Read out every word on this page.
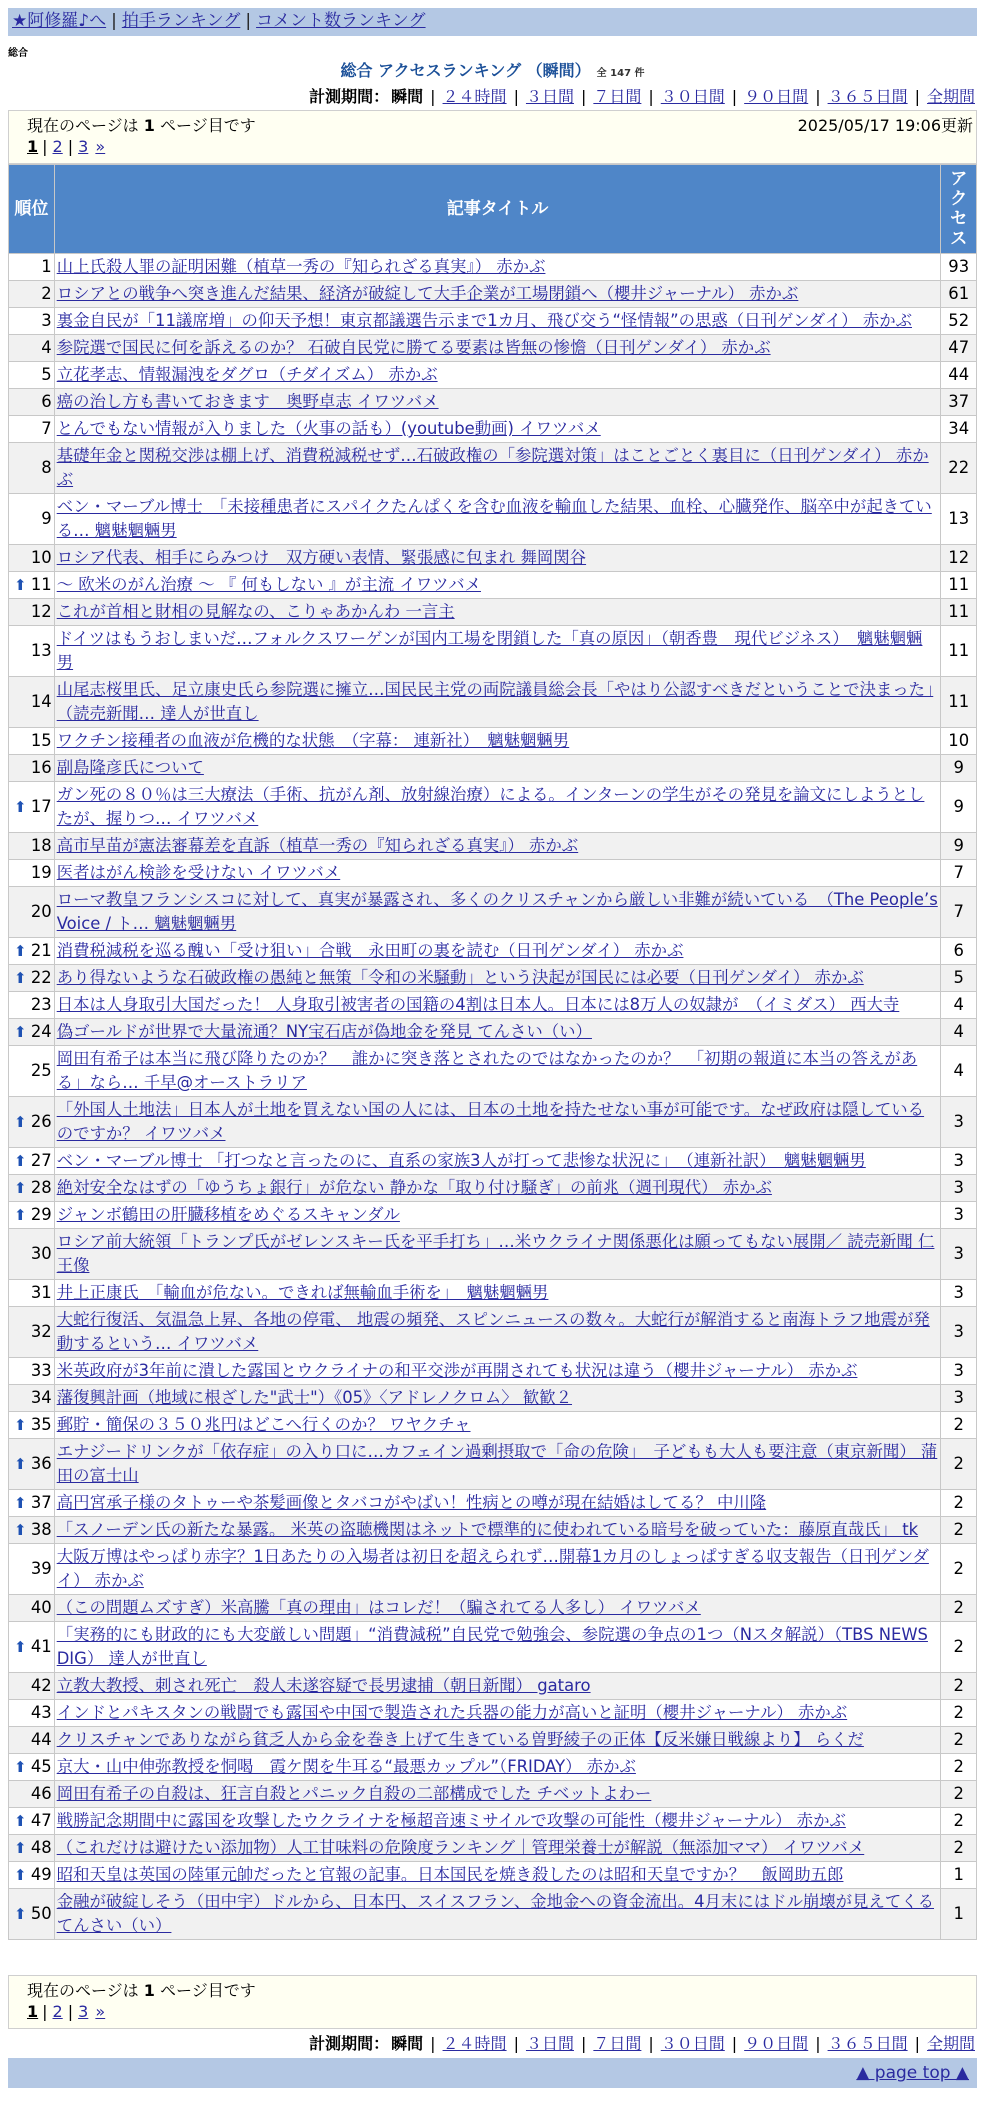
★阿修羅♪へ | 拍手ランキング | コメント数ランキング
総合
総合 アクセスランキング （瞬間） 全 147 件
計測期間： 瞬間 | ２４時間 | ３日間 | ７日間 | ３０日間 | ９０日間 | ３６５日間 | 全期間
現在のページは 1 ページ目です	2025/05/17 19:06更新
1 | 2 | 3 »
順位	記事タイトル	アクセス
1	山上氏殺人罪の証明困難（植草一秀の『知られざる真実』） 赤かぶ	93
2	ロシアとの戦争へ突き進んだ結果、経済が破綻して大手企業が工場閉鎖へ（櫻井ジャーナル） 赤かぶ	61
3	裏金自民が「11議席増」の仰天予想！東京都議選告示まで1カ月、飛び交う“怪情報”の思惑（日刊ゲンダイ） 赤かぶ	52
4	参院選で国民に何を訴えるのか？ 石破自民党に勝てる要素は皆無の惨憺（日刊ゲンダイ） 赤かぶ	47
5	立花孝志、情報漏洩をダグロ（チダイズム） 赤かぶ	44
6	癌の治し方も書いておきます　奥野卓志 イワツバメ	37
7	とんでもない情報が入りました（火事の話も）(youtube動画) イワツバメ	34
8	基礎年金と関税交渉は棚上げ、消費税減税せず…石破政権の「参院選対策」はことごとく裏目に（日刊ゲンダイ） 赤かぶ	22
9	ベン・マーブル博士　「未接種患者にスパイクたんぱくを含む血液を輸血した結果、血栓、心臓発作、脳卒中が起きている… 魑魅魍魎男	13
10	ロシア代表、相手にらみつけ　双方硬い表情、緊張感に包まれ 舞岡関谷	12

⬆ 11	〜 欧米のがん治療 〜 『 何もしない 』が主流 イワツバメ	11
12	これが首相と財相の見解なの、こりゃあかんわ 一言主	11
13	ドイツはもうおしまいだ…フォルクスワーゲンが国内工場を閉鎖した「真の原因」（朝香豊　現代ビジネス）　魑魅魍魎男	11
14	山尾志桜里氏、足立康史氏ら参院選に擁立…国民民主党の両院議員総会長「やはり公認すべきだということで決まった」（読売新聞… 達人が世直し	11
15	ワクチン接種者の血液が危機的な状態　（字幕： 連新社）　魑魅魍魎男	10
16	副島隆彦氏について	9

⬆ 17	ガン死の８０％は三大療法（手術、抗がん剤、放射線治療）による。インターンの学生がその発見を論文にしようとしたが、握りつ… イワツバメ	9
18	高市早苗が憲法審幕差を直訴（植草一秀の『知られざる真実』） 赤かぶ	9
19	医者はがん検診を受けない イワツバメ	7
20	ローマ教皇フランシスコに対して、真実が暴露され、多くのクリスチャンから厳しい非難が続いている　（The People’s Voice / ト… 魑魅魍魎男	7

⬆ 21	消費税減税を巡る醜い「受け狙い」合戦　永田町の裏を読む（日刊ゲンダイ） 赤かぶ	6

⬆ 22	あり得ないような石破政権の愚純と無策「令和の米騒動」という決起が国民には必要（日刊ゲンダイ） 赤かぶ	5
23	日本は人身取引大国だった！ 人身取引被害者の国籍の4割は日本人。日本には8万人の奴隷が　（イミダス） 西大寺	4

⬆ 24	偽ゴールドが世界で大量流通？NY宝石店が偽地金を発見 てんさい（い）	4
25	岡田有希子は本当に飛び降りたのか？　誰かに突き落とされたのではなかったのか？　「初期の報道に本当の答えがある」なら… 千早@オーストラリア	4

⬆ 26	「外国人土地法」日本人が土地を買えない国の人には、日本の土地を持たせない事が可能です。なぜ政府は隠しているのですか？ イワツバメ	3

⬆ 27	ベン・マーブル博士 「打つなと言ったのに、直系の家族3人が打って悲惨な状況に」　（連新社訳）　魑魅魍魎男	3

⬆ 28	絶対安全なはずの「ゆうちょ銀行」が危ない 静かな「取り付け騒ぎ」の前兆（週刊現代） 赤かぶ	3

⬆ 29	ジャンボ鶴田の肝臓移植をめぐるスキャンダル	3
30	ロシア前大統領「トランプ氏がゼレンスキー氏を平手打ち」…米ウクライナ関係悪化は願ってもない展開／ 読売新聞 仁王像	3
31	井上正康氏　「輸血が危ない。できれば無輸血手術を」　魑魅魍魎男	3
32	大蛇行復活、気温急上昇、各地の停電、 地震の頻発、スピンニュースの数々。大蛇行が解消すると南海トラフ地震が発動するという… イワツバメ	3
33	米英政府が3年前に潰した露国とウクライナの和平交渉が再開されても状況は違う（櫻井ジャーナル） 赤かぶ	3
34	藩復興計画（地域に根ざした"武士"）《05》〈アドレノクロム〉 歓歓２	3

⬆ 35	郵貯・簡保の３５０兆円はどこへ行くのか？ ワヤクチャ	2

⬆ 36	エナジードリンクが「依存症」の入り口に…カフェイン過剰摂取で「命の危険」　子どもも大人も要注意（東京新聞） 蒲田の富士山	2

⬆ 37	高円宮承子様のタトゥーや茶髪画像とタバコがやばい！性病との噂が現在結婚はしてる？ 中川隆	2

⬆ 38	「スノーデン氏の新たな暴露。 米英の盗聴機関はネットで標準的に使われている暗号を破っていた：藤原直哉氏」 tk	2
39	大阪万博はやっぱり赤字？1日あたりの入場者は初日を超えられず…開幕1カ月のしょっぱすぎる収支報告（日刊ゲンダイ） 赤かぶ	2
40	（この問題ムズすぎ）米高騰「真の理由」はコレだ！（騙されてる人多し） イワツバメ	2

⬆ 41	「実務的にも財政的にも大変厳しい問題」“消費減税”自民党で勉強会、参院選の争点の1つ（Nスタ解説）（TBS NEWS DIG） 達人が世直し	2
42	立教大教授、刺され死亡　殺人未遂容疑で長男逮捕（朝日新聞） gataro	2
43	インドとパキスタンの戦闘でも露国や中国で製造された兵器の能力が高いと証明（櫻井ジャーナル） 赤かぶ	2
44	クリスチャンでありながら貧乏人から金を巻き上げて生きている曽野綾子の正体【反米嫌日戦線より】 らくだ	2

⬆ 45	京大・山中伸弥教授を恫喝　霞ケ関を牛耳る“最悪カップル”（FRIDAY） 赤かぶ	2
46	岡田有希子の自殺は、狂言自殺とパニック自殺の二部構成でした チベットよわー	2

⬆ 47	戦勝記念期間中に露国を攻撃したウクライナを極超音速ミサイルで攻撃の可能性（櫻井ジャーナル） 赤かぶ	2

⬆ 48	（これだけは避けたい添加物）人工甘味料の危険度ランキング｜管理栄養士が解説（無添加ママ） イワツバメ	2

⬆ 49	昭和天皇は英国の陸軍元帥だったと官報の記事。日本国民を焼き殺したのは昭和天皇ですか？　飯岡助五郎	1

⬆ 50	金融が破綻しそう（田中宇）ドルから、日本円、スイスフラン、金地金への資金流出。4月末にはドル崩壊が見えてくる てんさい（い）	1
現在のページは 1 ページ目です
1 | 2 | 3 »
計測期間： 瞬間 | ２４時間 | ３日間 | ７日間 | ３０日間 | ９０日間 | ３６５日間 | 全期間
▲ page top ▲
